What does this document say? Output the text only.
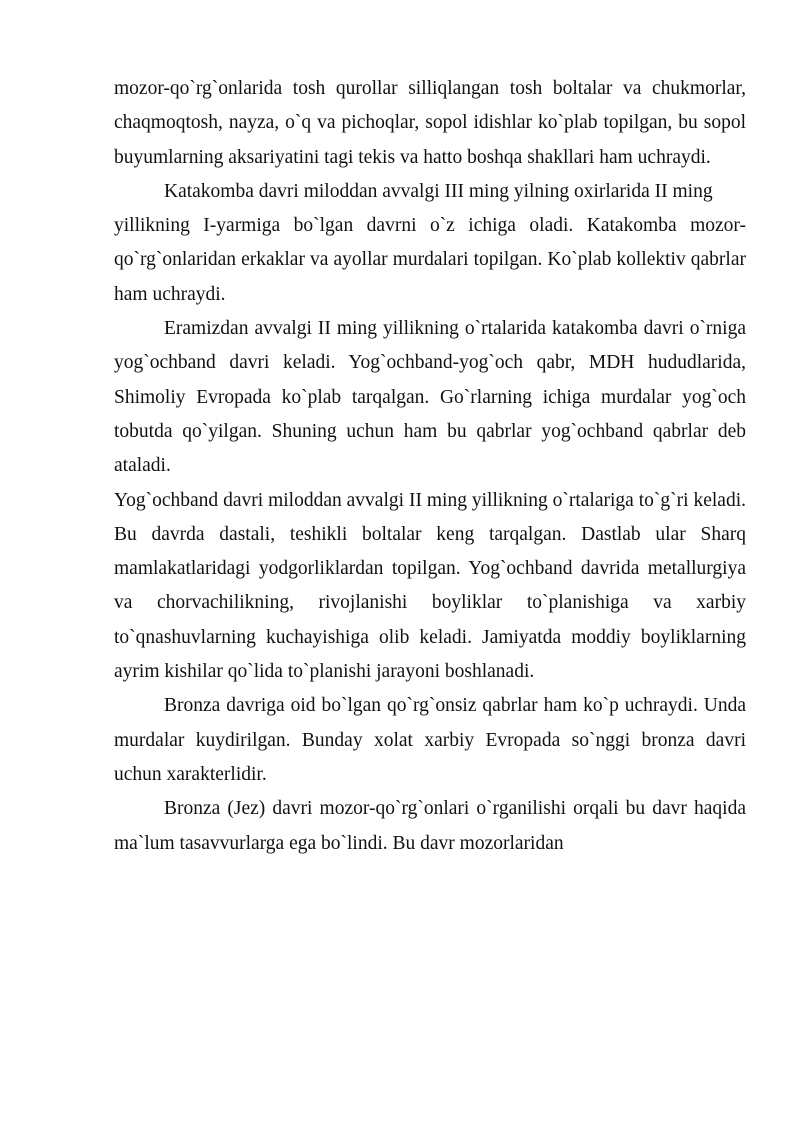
mozor-qo`rg`onlarida tosh qurollar silliqlangan tosh boltalar va chukmorlar, chaqmoqtosh, nayza, o`q va pichoqlar, sopol idishlar ko`plab topilgan, bu sopol buyumlarning aksariyatini tagi tekis va hatto boshqa shakllari ham uchraydi.

Katakomba davri miloddan avvalgi III ming yilning oxirlarida II ming

yillikning I-yarmiga bo`lgan davrni o`z ichiga oladi. Katakomba mozor-qo`rg`onlaridan erkaklar va ayollar murdalari topilgan. Ko`plab kollektiv qabrlar ham uchraydi.

Eramizdan avvalgi II ming yillikning o`rtalarida katakomba davri o`rniga yog`ochband davri keladi. Yog`ochband-yog`och qabr, MDH hududlarida, Shimoliy Evropada ko`plab tarqalgan. Go`rlarning ichiga murdalar yog`och tobutda qo`yilgan. Shuning uchun ham bu qabrlar yog`ochband qabrlar deb ataladi.

Yog`ochband davri miloddan avvalgi II ming yillikning o`rtalariga to`g`ri keladi. Bu davrda dastali, teshikli boltalar keng tarqalgan. Dastlab ular Sharq mamlakatlaridagi yodgorliklardan topilgan. Yog`ochband davrida metallurgiya va chorvachilikning, rivojlanishi boyliklar to`planishiga va xarbiy to`qnashuvlarning kuchayishiga olib keladi. Jamiyatda moddiy boyliklarning ayrim kishilar qo`lida to`planishi jarayoni boshlanadi.

Bronza davriga oid bo`lgan qo`rg`onsiz qabrlar ham ko`p uchraydi. Unda murdalar kuydirilgan. Bunday xolat xarbiy Evropada so`nggi bronza davri uchun xarakterlidir.

Bronza (Jez) davri mozor-qo`rg`onlari o`rganilishi orqali bu davr haqida ma`lum tasavvurlarga ega bo`lindi. Bu davr mozorlaridan
